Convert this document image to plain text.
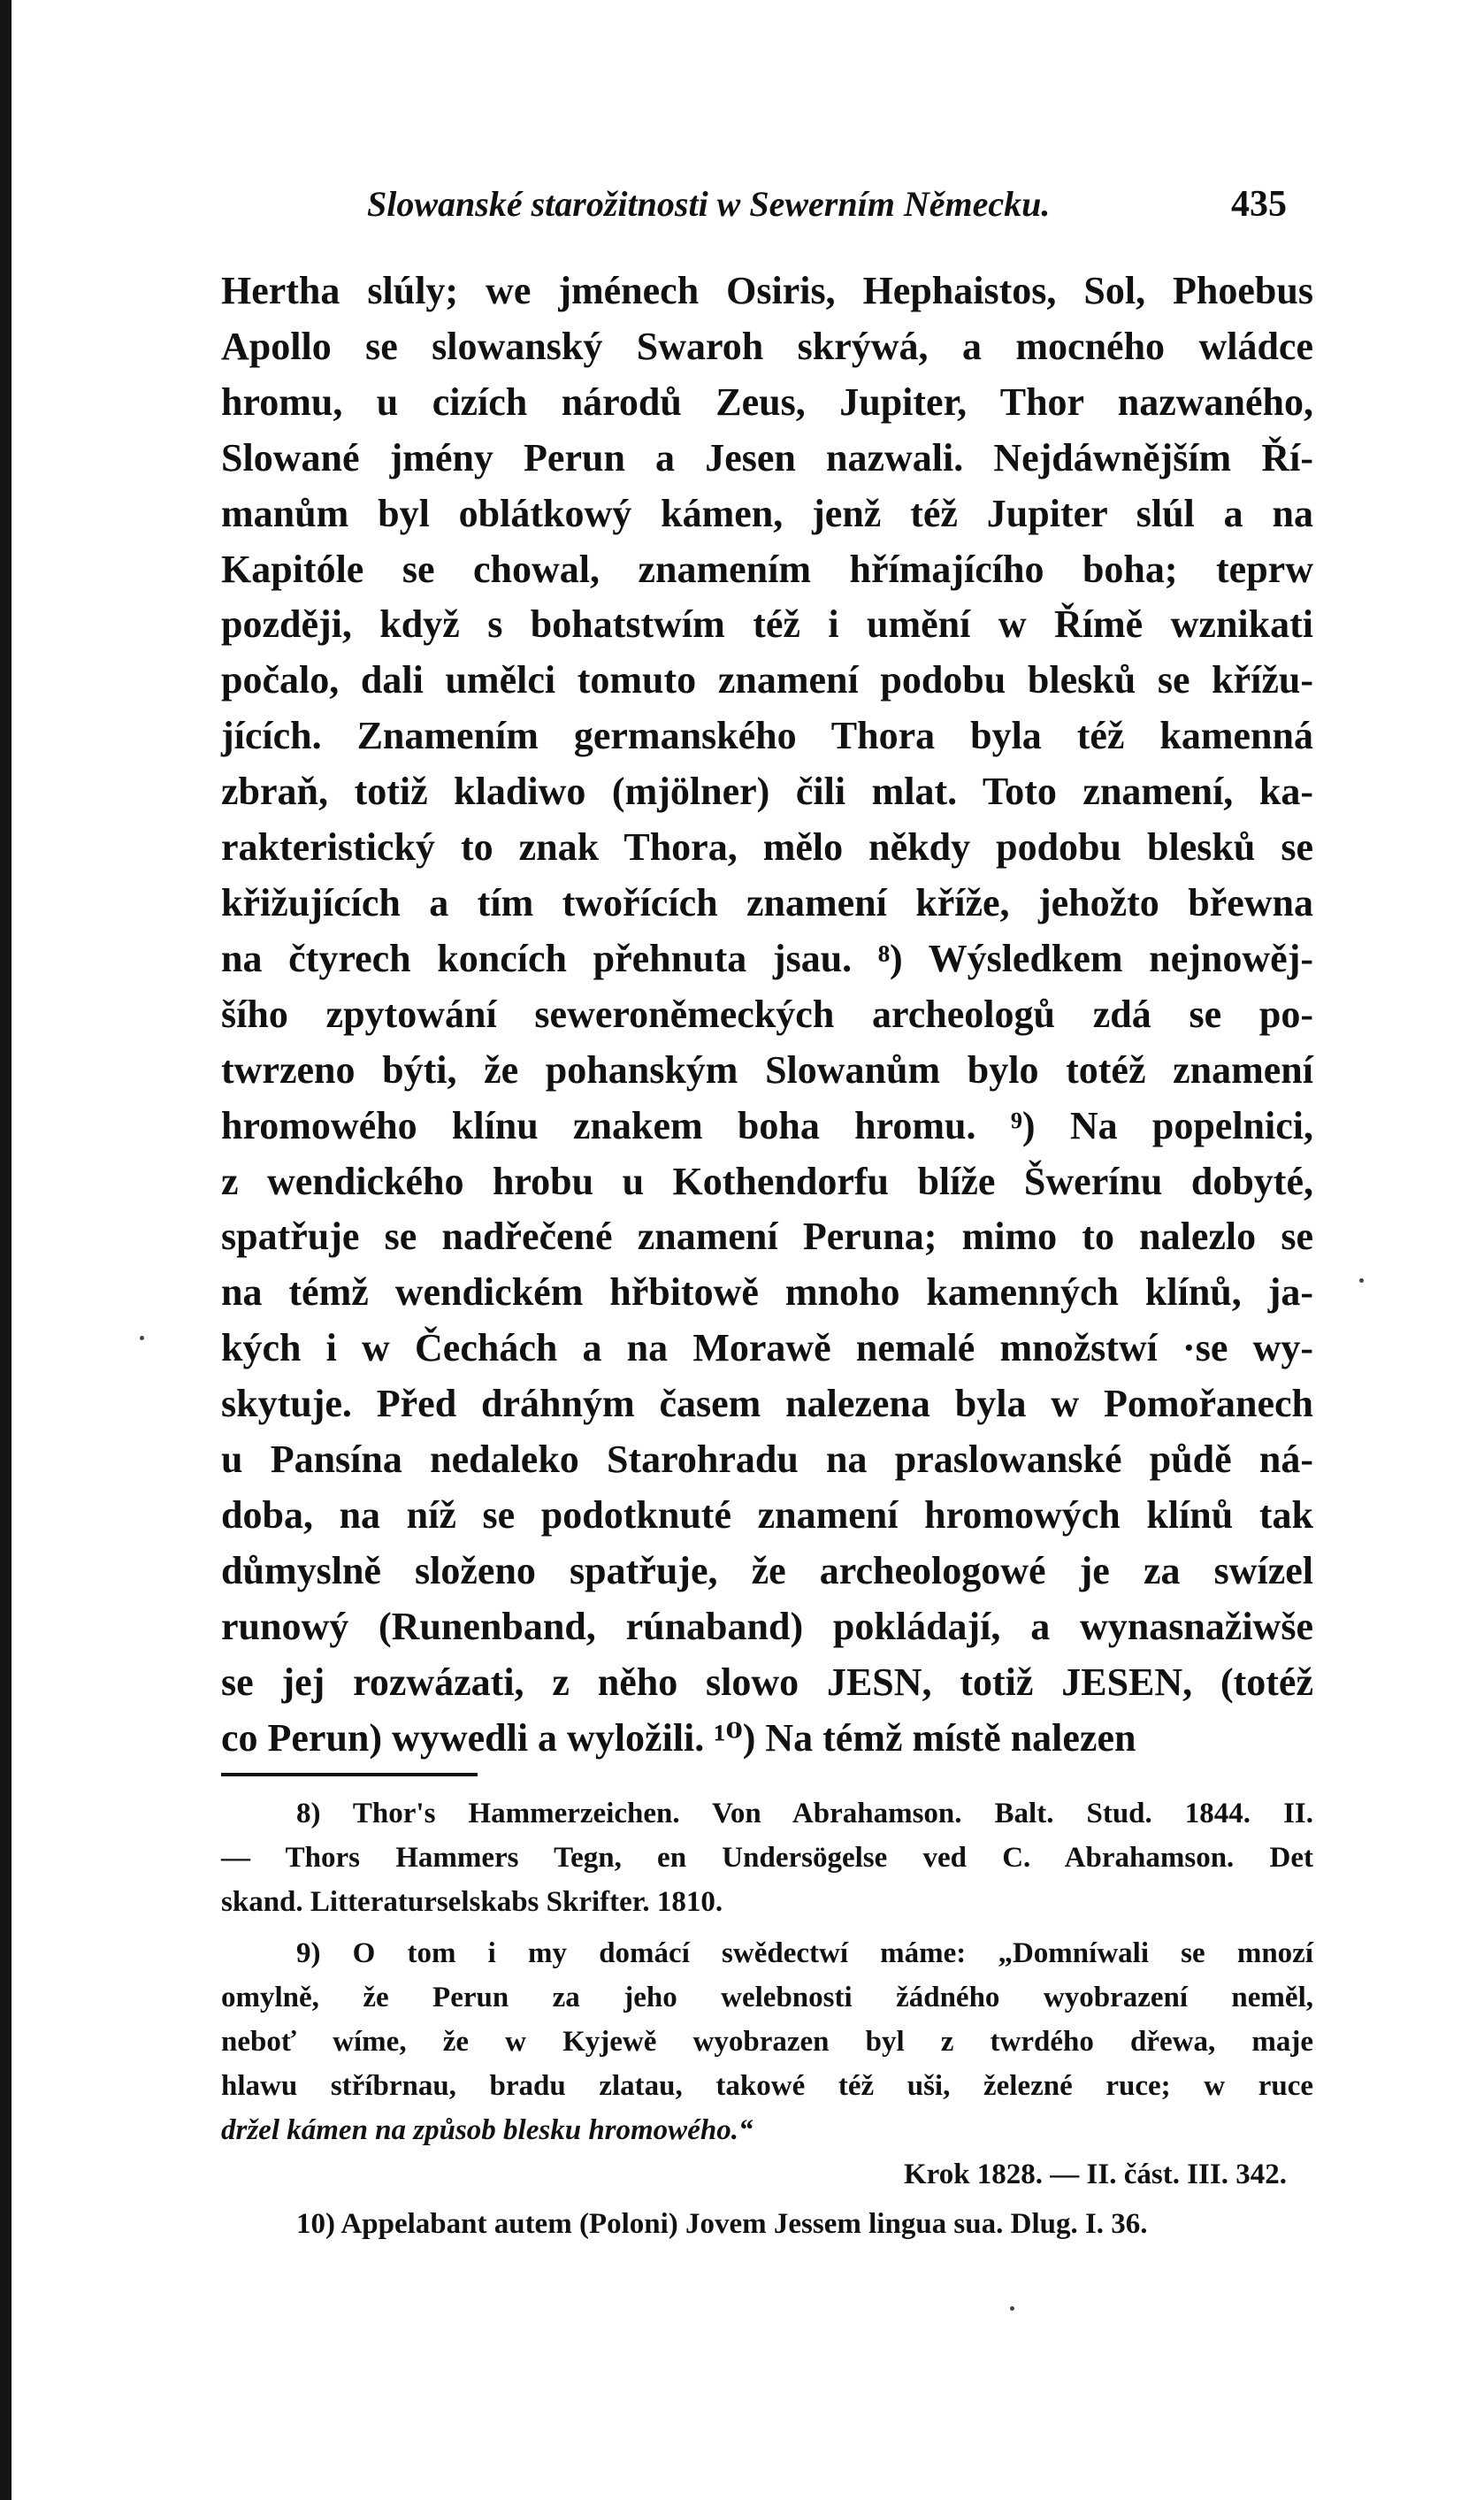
Slowanské starožitnosti w Sewerním Německu.	435
Hertha slúly; we jménech Osiris, Hephaistos, Sol, Phoebus
Apollo se slowanský Swaroh skrýwá, a mocného wládce
hromu, u cizích národů Zeus, Jupiter, Thor nazwaného,
Slowané jmény Perun a Jesen nazwali. Nejdáwnějším Ří-
manům byl oblátkowý kámen, jenž též Jupiter slúl a na
Kapitóle se chowal, znamením hřímajícího boha; teprw
později, když s bohatstwím též i umění w Římě wznikati
počalo, dali umělci tomuto znamení podobu blesků se křížu-
jících. Znamením germanského Thora byla též kamenná
zbraň, totiž kladiwo (mjölner) čili mlat. Toto znamení, ka-
rakteristický to znak Thora, mělo někdy podobu blesků se
křižujících a tím twořících znamení kříže, jehožto břewna
na čtyrech koncích přehnuta jsau. ⁸) Wýsledkem nejnowěj-
šího zpytowání seweroněmeckých archeologů zdá se po-
twrzeno býti, že pohanským Slowanům bylo totéž znamení
hromowého klínu znakem boha hromu. ⁹) Na popelnici,
z wendického hrobu u Kothendorfu blíže Šwerínu dobyté,
spatřuje se nadřečené znamení Peruna; mimo to nalezlo se
na témž wendickém hřbitowě mnoho kamenných klínů, ja-
kých i w Čechách a na Morawě nemalé množstwí ·se wy-
skytuje. Před dráhným časem nalezena byla w Pomořanech
u Pansína nedaleko Starohradu na praslowanské půdě ná-
doba, na níž se podotknuté znamení hromowých klínů tak
důmyslně složeno spatřuje, že archeologowé je za swízel
runowý (Runenband, rúnaband) pokládají, a wynasnažiwše
se jej rozwázati, z něho slowo JESN, totiž JESEN, (totéž
co Perun) wywedli a wyložili. ¹⁰) Na témž místě nalezen
8) Thor's Hammerzeichen. Von Abrahamson. Balt. Stud. 1844. II.
— Thors Hammers Tegn, en Undersögelse ved C. Abrahamson. Det
skand. Litteraturselskabs Skrifter. 1810.
9) O tom i my domácí swědectwí máme: „Domníwali se mnozí
omylně, že Perun za jeho welebnosti žádného wyobrazení neměl,
neboť wíme, že w Kyjewě wyobrazen byl z twrdého dřewa, maje
hlawu stříbrnau, bradu zlatau, takowé též uši, železné ruce; w ruce
držel kámen na způsob blesku hromowého.“
Krok 1828. — II. část. III. 342.
10) Appelabant autem (Poloni) Jovem Jessem lingua sua. Dlug. I. 36.
